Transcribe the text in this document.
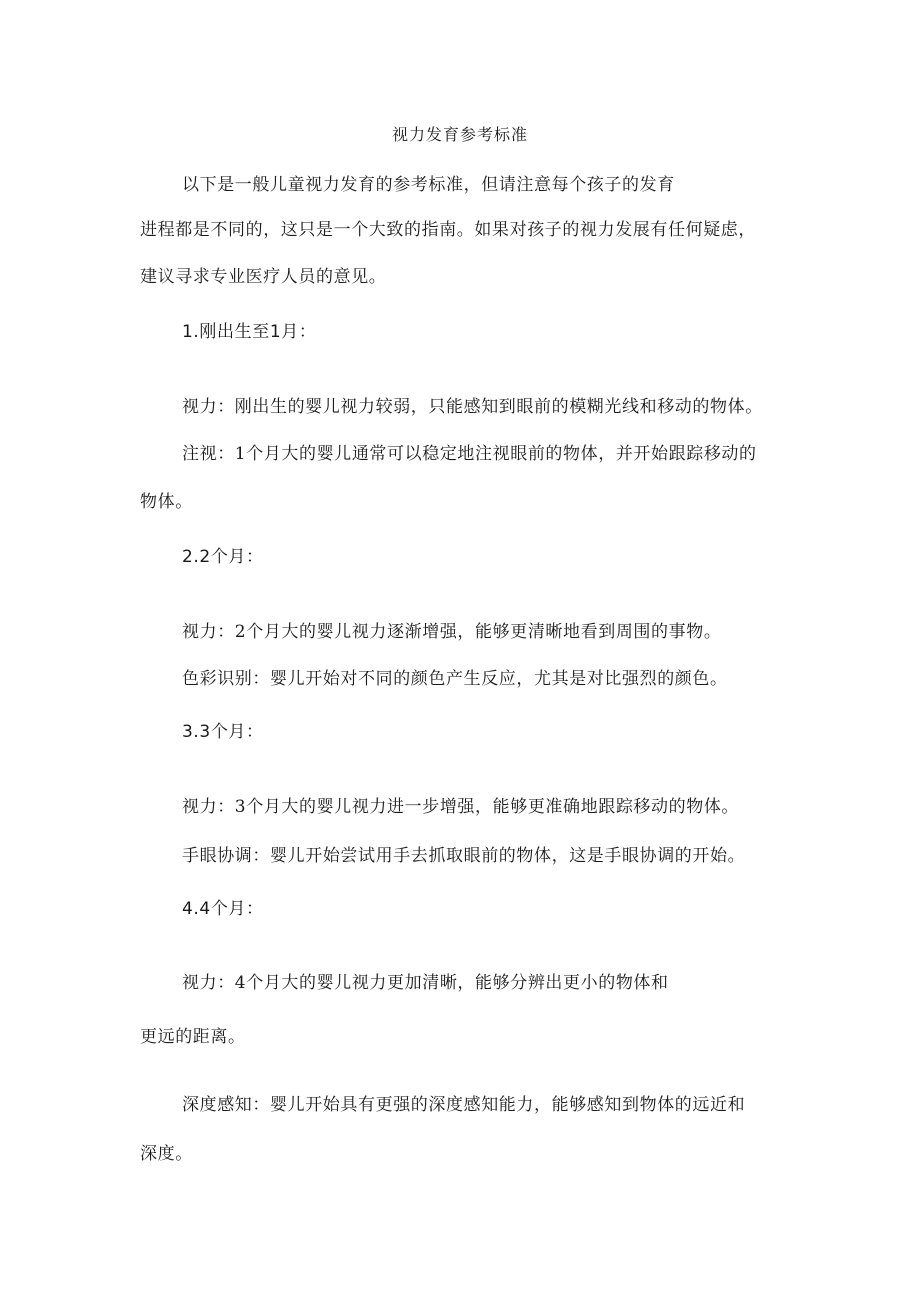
视力发育参考标准
以下是一般儿童视力发育的参考标准，但请注意每个孩子的发育
进程都是不同的，这只是一个大致的指南。如果对孩子的视力发展有任何疑虑，
建议寻求专业医疗人员的意见。
1.刚出生至1月：
视力：刚出生的婴儿视力较弱，只能感知到眼前的模糊光线和移动的物体。
注视：1个月大的婴儿通常可以稳定地注视眼前的物体，并开始跟踪移动的
物体。
2.2个月：
视力：2个月大的婴儿视力逐渐增强，能够更清晰地看到周围的事物。
色彩识别：婴儿开始对不同的颜色产生反应，尤其是对比强烈的颜色。
3.3个月：
视力：3个月大的婴儿视力进一步增强，能够更准确地跟踪移动的物体。
手眼协调：婴儿开始尝试用手去抓取眼前的物体，这是手眼协调的开始。
4.4个月：
视力：4个月大的婴儿视力更加清晰，能够分辨出更小的物体和
更远的距离。
深度感知：婴儿开始具有更强的深度感知能力，能够感知到物体的远近和
深度。
